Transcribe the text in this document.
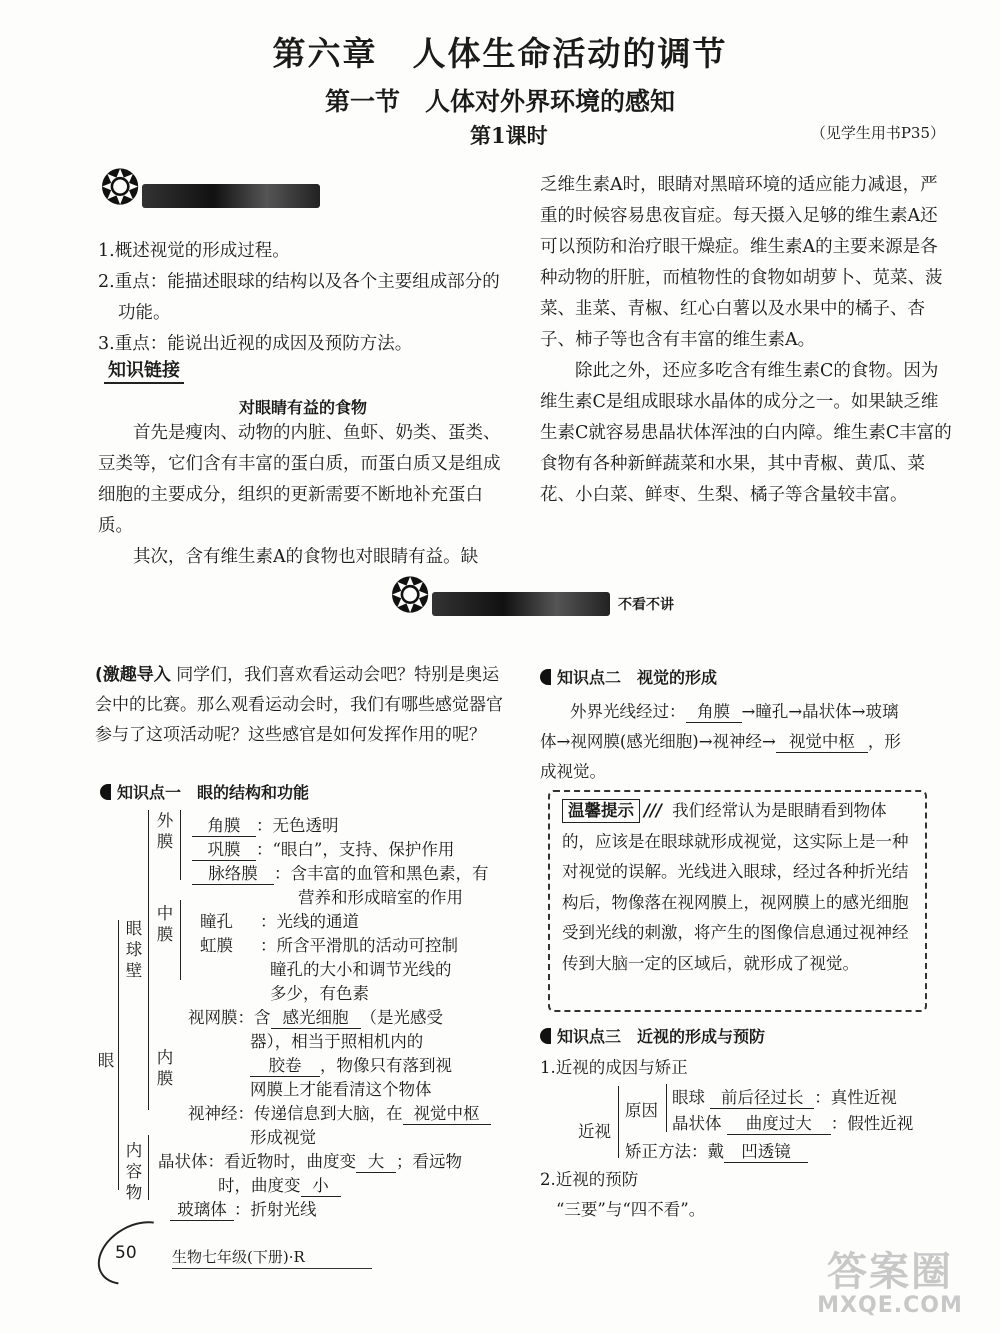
第六章　人体生命活动的调节
第一节　人体对外界环境的感知
第1课时	（见学生用书P35）
❂
1.概述视觉的形成过程。
2.重点：能描述眼球的结构以及各个主要组成部分的功能。
3.重点：能说出近视的成因及预防方法。
知识链接
对眼睛有益的食物

首先是瘦肉、动物的内脏、鱼虾、奶类、蛋类、豆类等，它们含有丰富的蛋白质，而蛋白质又是组成细胞的主要成分，组织的更新需要不断地补充蛋白质。

其次，含有维生素A的食物也对眼睛有益。缺

乏维生素A时，眼睛对黑暗环境的适应能力减退，严重的时候容易患夜盲症。每天摄入足够的维生素A还可以预防和治疗眼干燥症。维生素A的主要来源是各种动物的肝脏，而植物性的食物如胡萝卜、苋菜、菠菜、韭菜、青椒、红心白薯以及水果中的橘子、杏子、柿子等也含有丰富的维生素A。

除此之外，还应多吃含有维生素C的食物。因为维生素C是组成眼球水晶体的成分之一。如果缺乏维生素C就容易患晶状体浑浊的白内障。维生素C丰富的食物有各种新鲜蔬菜和水果，其中青椒、黄瓜、菜花、小白菜、鲜枣、生梨、橘子等含量较丰富。

❂	不看不讲
(激趣导入 同学们，我们喜欢看运动会吧？特别是奥运会中的比赛。那么观看运动会时，我们有哪些感觉器官参与了这项活动呢？这些感官是如何发挥作用的呢？
知识点一　眼的结构和功能
眼
眼球壁
外膜
中膜
内膜
内容物
角膜 ：无色透明
巩膜 ：“眼白”，支持、保护作用
脉络膜 ：含丰富的血管和黑色素，有
营养和形成暗室的作用
瞳孔 ：光线的通道
虹膜 ：所含平滑肌的活动可控制
瞳孔的大小和调节光线的
多少，有色素
视网膜：含 感光细胞 （是光感受
器），相当于照相机内的
胶卷 ，物像只有落到视
网膜上才能看清这个物体
视神经：传递信息到大脑，在 视觉中枢
形成视觉
晶状体：看近物时，曲度变 大 ；看远物
时，曲度变 小
玻璃体 ：折射光线
知识点二　视觉的形成
外界光线经过： 角膜 →瞳孔→晶状体→玻璃
体→视网膜(感光细胞)→视神经→ 视觉中枢 ，形
成视觉。
温馨提示 /// 我们经常认为是眼睛看到物体的，应该是在眼球就形成视觉，这实际上是一种对视觉的误解。光线进入眼球，经过各种折光结构后，物像落在视网膜上，视网膜上的感光细胞受到光线的刺激，将产生的图像信息通过视神经传到大脑一定的区域后，就形成了视觉。
知识点三　近视的形成与预防
1.近视的成因与矫正
近视
原因
眼球 前后径过长 ：真性近视
晶状体 曲度过大 ：假性近视
矫正方法：戴 凹透镜
2.近视的预防
“三要”与“四不看”。
50 生物七年级(下册)·R	答案圈
MXQE.COM
